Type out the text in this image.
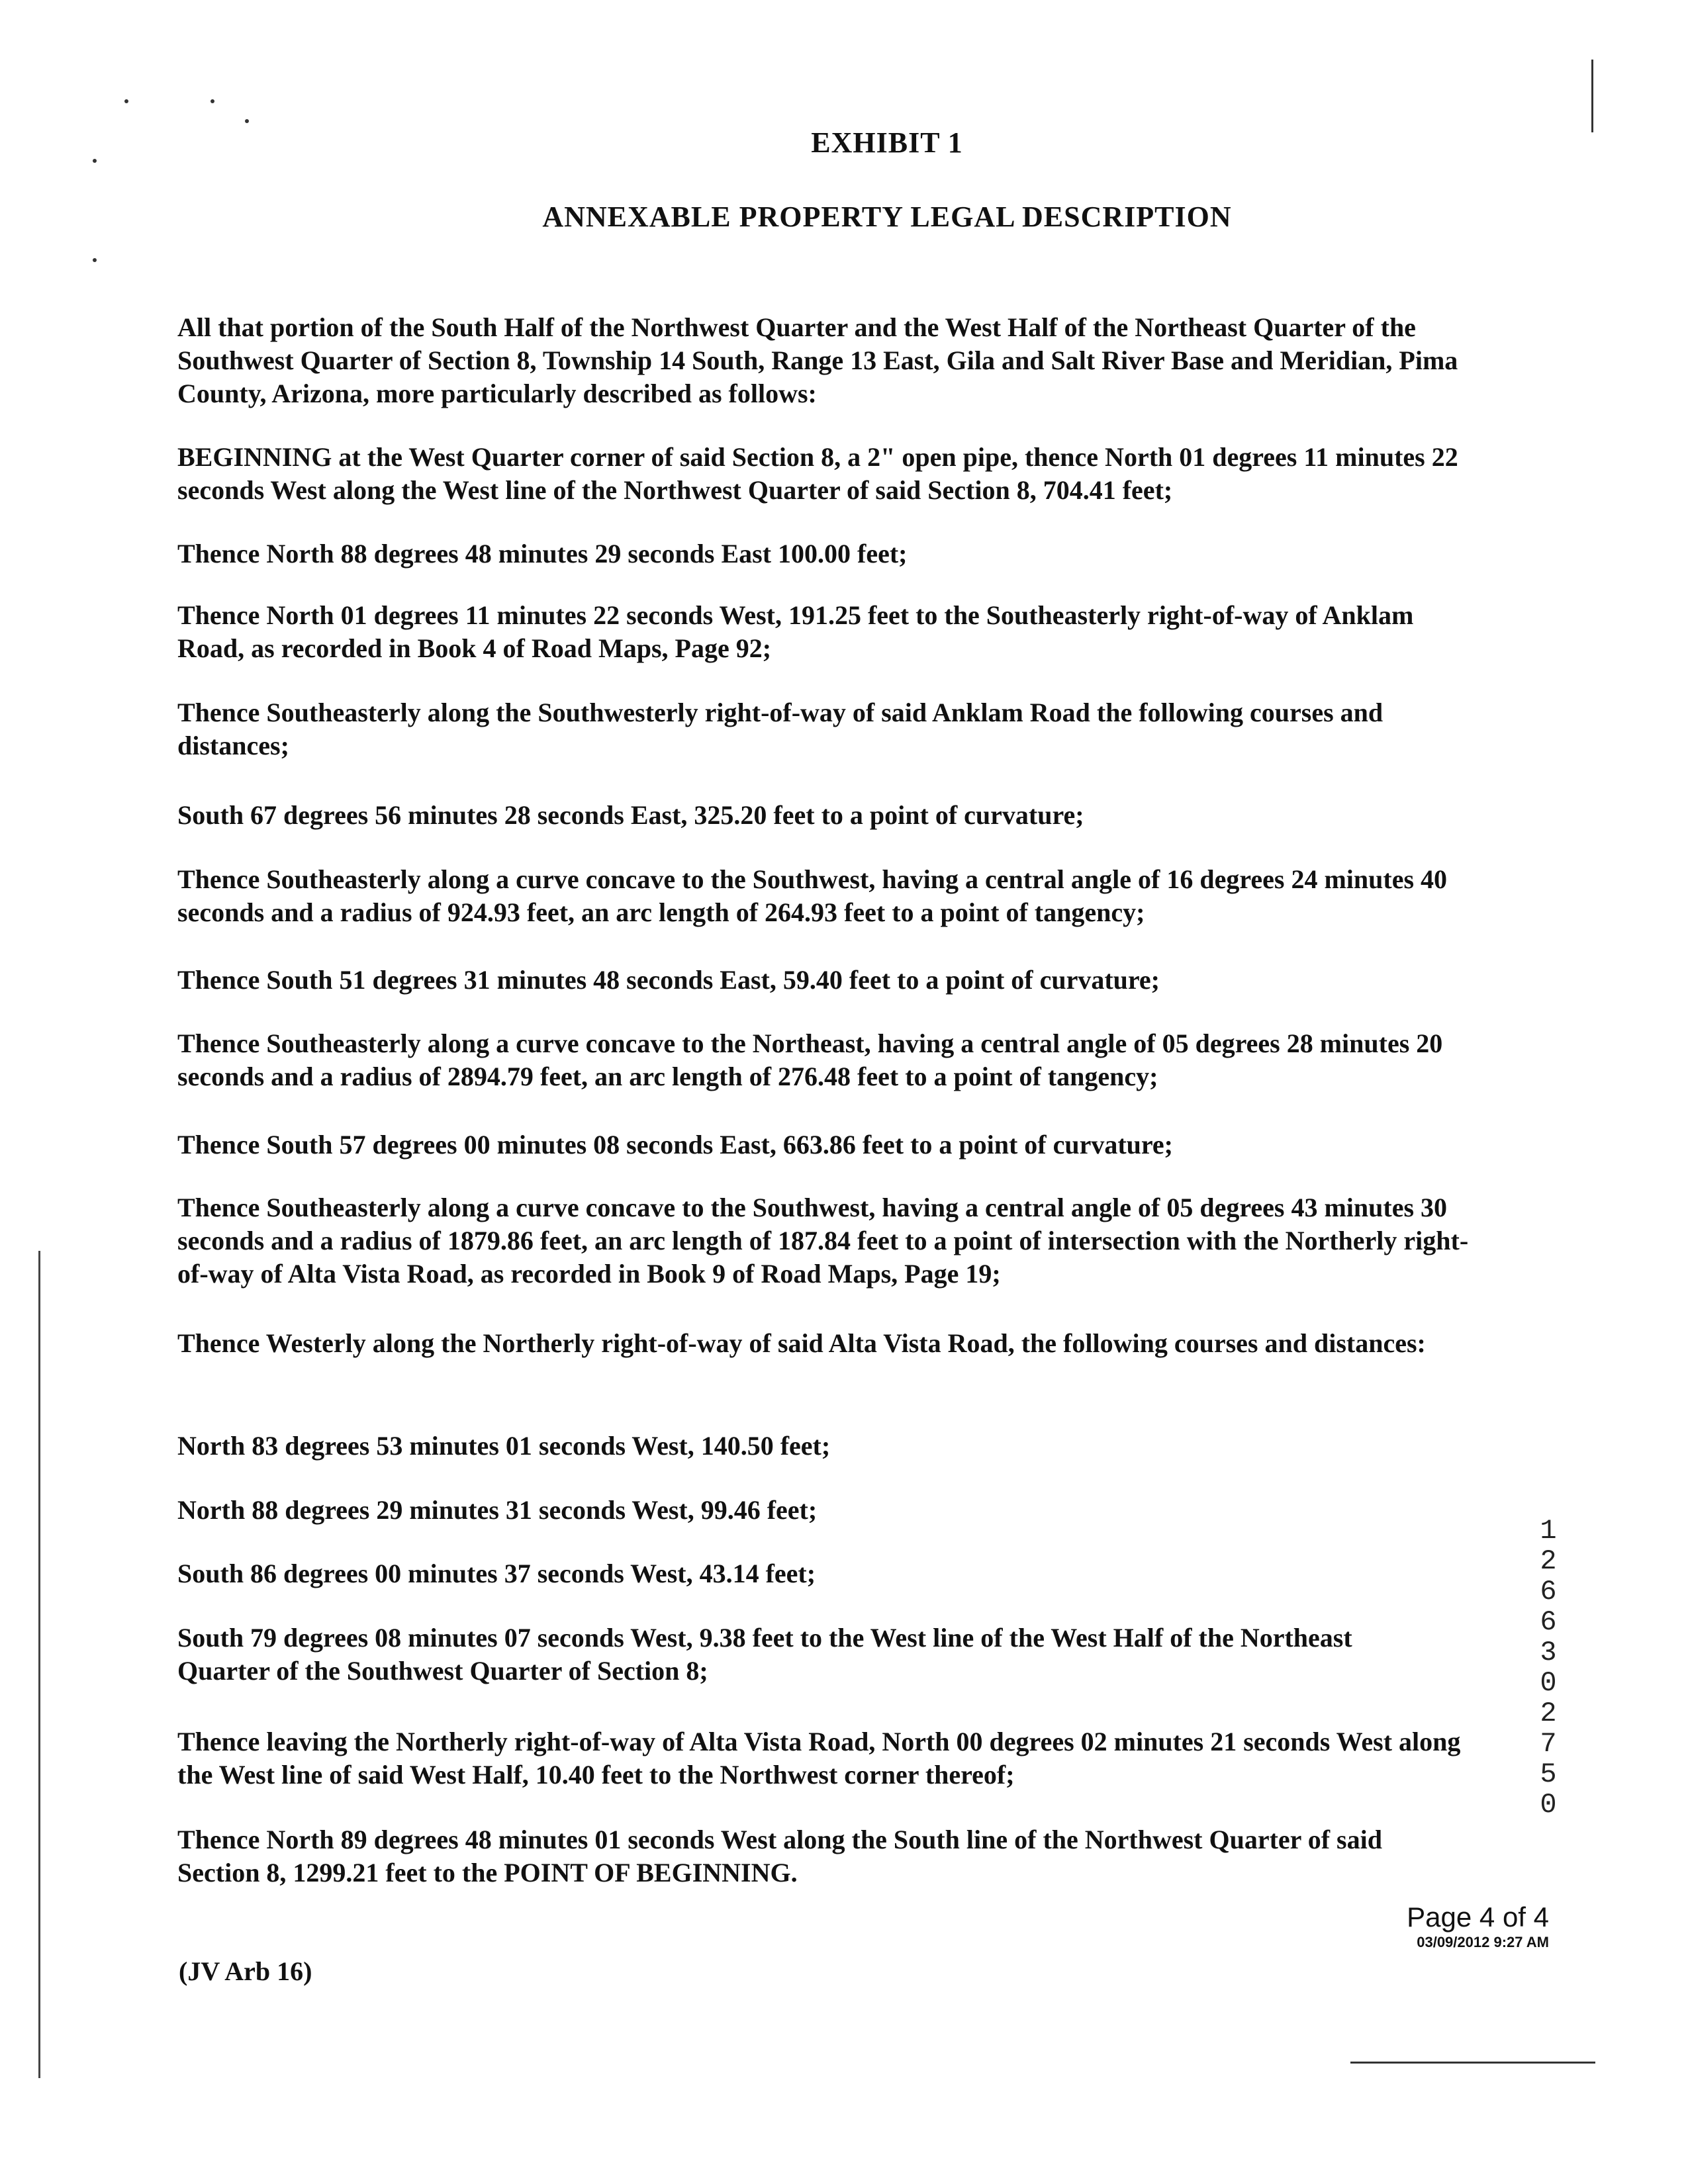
EXHIBIT 1
ANNEXABLE PROPERTY LEGAL DESCRIPTION
All that portion of the South Half of the Northwest Quarter and the West Half of the Northeast Quarter of the Southwest Quarter of Section 8, Township 14 South, Range 13 East, Gila and Salt River Base and Meridian, Pima County, Arizona, more particularly described as follows:
BEGINNING at the West Quarter corner of said Section 8, a 2" open pipe, thence North 01 degrees 11 minutes 22 seconds West along the West line of the Northwest Quarter of said Section 8, 704.41 feet;
Thence North 88 degrees 48 minutes 29 seconds East 100.00 feet;
Thence North 01 degrees 11 minutes 22 seconds West, 191.25 feet to the Southeasterly right-of-way of Anklam Road, as recorded in Book 4 of Road Maps, Page 92;
Thence Southeasterly along the Southwesterly right-of-way of said Anklam Road the following courses and distances;
South 67 degrees 56 minutes 28 seconds East, 325.20 feet to a point of curvature;
Thence Southeasterly along a curve concave to the Southwest, having a central angle of 16 degrees 24 minutes 40 seconds and a radius of 924.93 feet, an arc length of 264.93 feet to a point of tangency;
Thence South 51 degrees 31 minutes 48 seconds East, 59.40 feet to a point of curvature;
Thence Southeasterly along a curve concave to the Northeast, having a central angle of 05 degrees 28 minutes 20 seconds and a radius of 2894.79 feet, an arc length of 276.48 feet to a point of tangency;
Thence South 57 degrees 00 minutes 08 seconds East, 663.86 feet to a point of curvature;
Thence Southeasterly along a curve concave to the Southwest, having a central angle of 05 degrees 43 minutes 30 seconds and a radius of 1879.86 feet, an arc length of 187.84 feet to a point of intersection with the Northerly right-of-way of Alta Vista Road, as recorded in Book 9 of Road Maps, Page 19;
Thence Westerly along the Northerly right-of-way of said Alta Vista Road, the following courses and distances:
North 83 degrees 53 minutes 01 seconds West, 140.50 feet;
North 88 degrees 29 minutes 31 seconds West, 99.46 feet;
South 86 degrees 00 minutes 37 seconds West, 43.14 feet;
South 79 degrees 08 minutes 07 seconds West, 9.38 feet to the West line of the West Half of the Northeast Quarter of the Southwest Quarter of Section 8;
Thence leaving the Northerly right-of-way of Alta Vista Road, North 00 degrees 02 minutes 21 seconds West along the West line of said West Half, 10.40 feet to the Northwest corner thereof;
Thence North 89 degrees 48 minutes 01 seconds West along the South line of the Northwest Quarter of said Section 8, 1299.21 feet to the POINT OF BEGINNING.
(JV Arb 16)
Page 4 of 4
03/09/2012 9:27 AM
12663 02750
